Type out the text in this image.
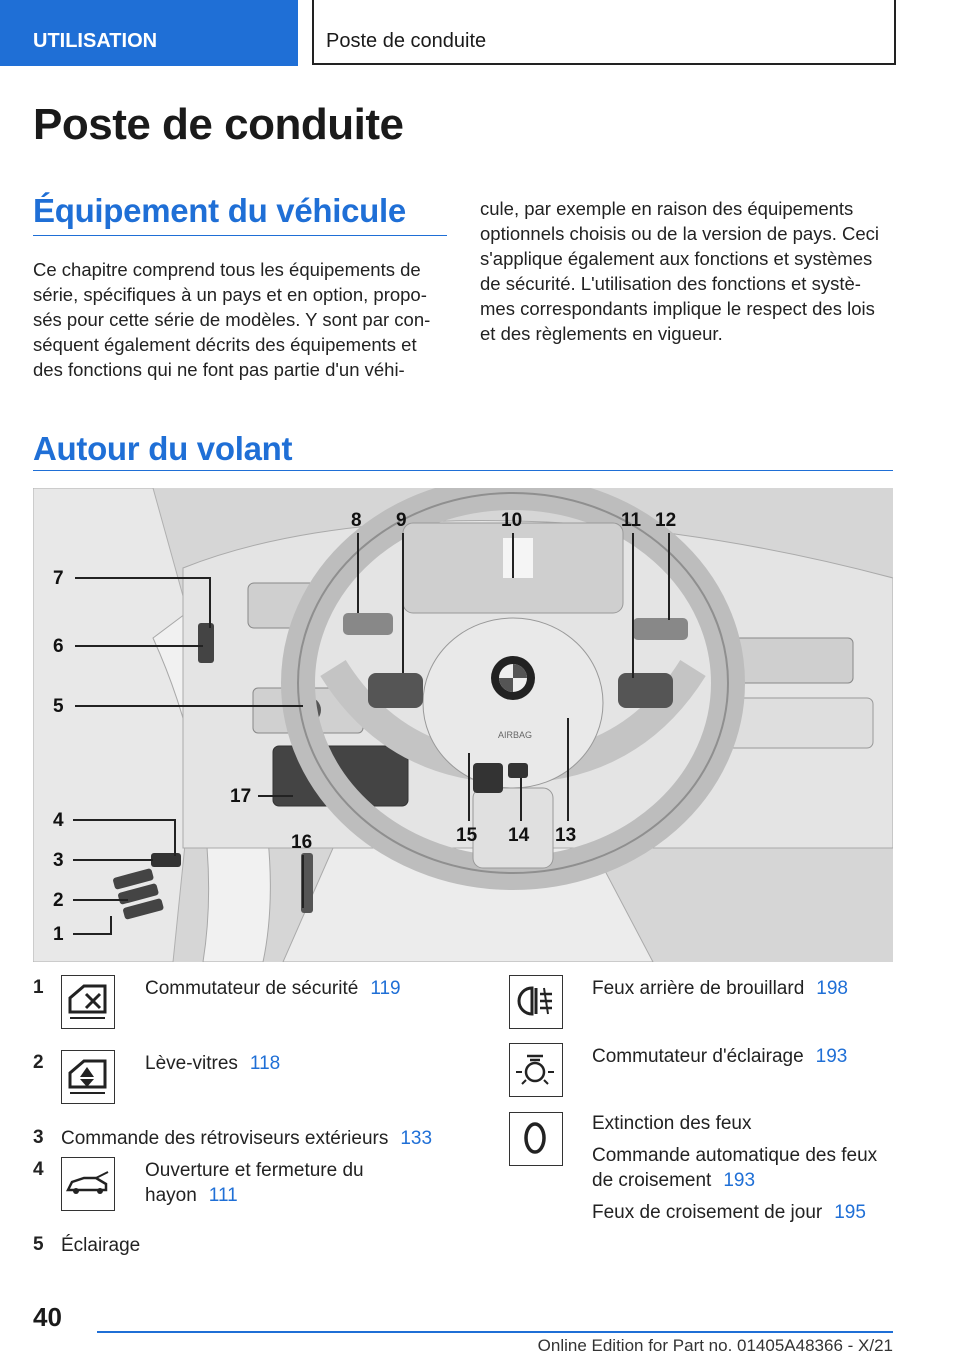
UTILISATION	Poste de conduite
Poste de conduite
Équipement du véhicule
Ce chapitre comprend tous les équipements de
série, spécifiques à un pays et en option, propo-
sés pour cette série de modèles. Y sont par con-
séquent également décrits des équipements et
des fonctions qui ne font pas partie d'un véhi-
cule, par exemple en raison des équipements
optionnels choisis ou de la version de pays. Ceci
s'applique également aux fonctions et systèmes
de sécurité. L'utilisation des fonctions et systè-
mes correspondants implique le respect des lois
et des règlements en vigueur.
Autour du volant
AIRBAG
7
6
5
4
3
2
1
8 9	10	11 12
13
14
15
16
17
1	Commutateur de sécurité 119
2	Lève-vitres 118
3 Commande des rétroviseurs extérieurs 133
4	Ouverture et fermeture du
hayon 111
5 Éclairage
Feux arrière de brouillard 198
Commutateur d'éclairage 193
Extinction des feux
Commande automatique des feux
de croisement 193
Feux de croisement de jour 195
40
Online Edition for Part no. 01405A48366 - X/21
